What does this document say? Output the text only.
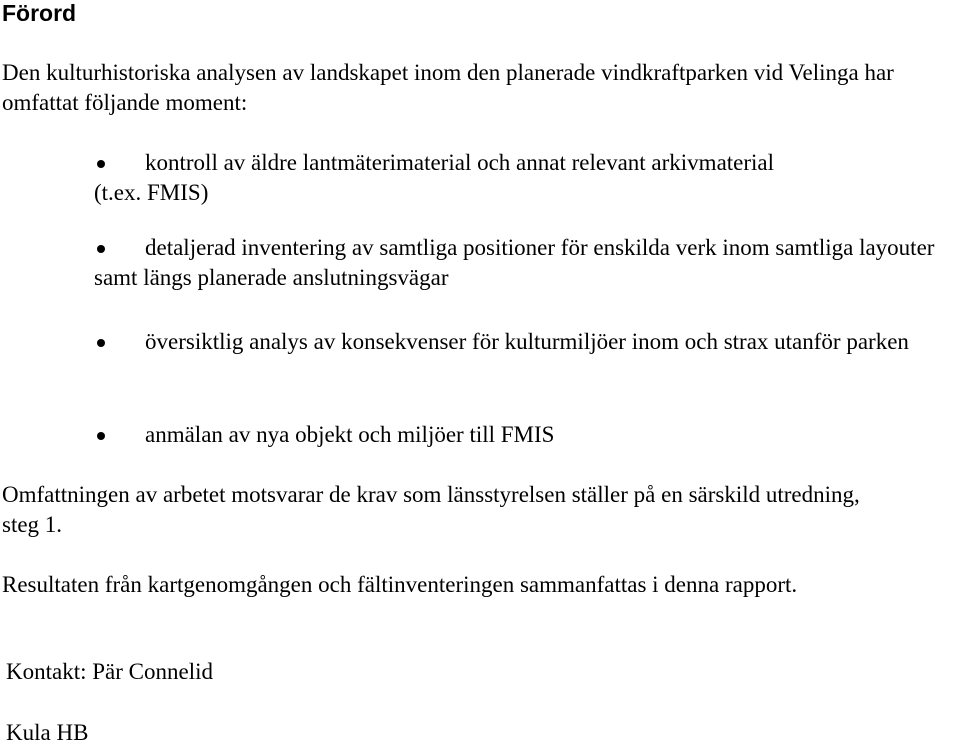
Förord

Den kulturhistoriska analysen av landskapet inom den planerade vindkraftparken vid Velinga har omfattat följande moment:

kontroll av äldre lantmäterimaterial och annat relevant arkivmaterial (t.ex. FMIS)
detaljerad inventering av samtliga positioner för enskilda verk inom samtliga layouter samt längs planerade anslutningsvägar
översiktlig analys av konsekvenser för kulturmiljöer inom och strax utanför parken
anmälan av nya objekt och miljöer till FMIS

Omfattningen av arbetet motsvarar de krav som länsstyrelsen ställer på en särskild utredning, steg 1.

Resultaten från kartgenomgången och fältinventeringen sammanfattas i denna rapport.

Kontakt: Pär Connelid

Kula HB
